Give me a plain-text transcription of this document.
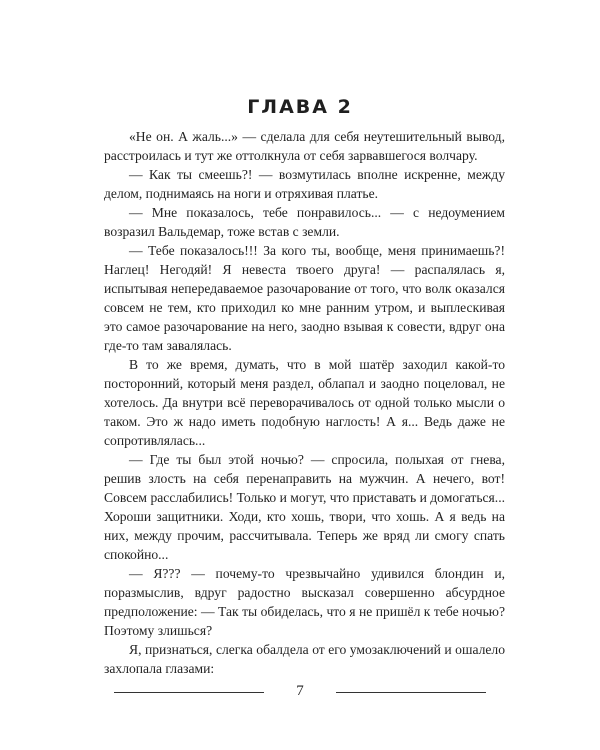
ГЛАВА 2

«Не он. А жаль...» — сделала для себя неутешительный вывод, расстроилась и тут же оттолкнула от себя зарвавшегося волчару.

— Как ты смеешь?! — возмутилась вполне искренне, между делом, поднимаясь на ноги и отряхивая платье.

— Мне показалось, тебе понравилось... — с недоумением возразил Вальдемар, тоже встав с земли.

— Тебе показалось!!! За кого ты, вообще, меня принимаешь?! Наглец! Негодяй! Я невеста твоего друга! — распалялась я, испытывая непередаваемое разочарование от того, что волк оказался совсем не тем, кто приходил ко мне ранним утром, и выплескивая это самое разочарование на него, заодно взывая к совести, вдруг она где-то там завалялась.

В то же время, думать, что в мой шатёр заходил какой-то посторонний, который меня раздел, облапал и заодно поцеловал, не хотелось. Да внутри всё переворачивалось от одной только мысли о таком. Это ж надо иметь подобную наглость! А я... Ведь даже не сопротивлялась...

— Где ты был этой ночью? — спросила, полыхая от гнева, решив злость на себя перенаправить на мужчин. А нечего, вот! Совсем расслабились! Только и могут, что приставать и домогаться... Хороши защитники. Ходи, кто хошь, твори, что хошь. А я ведь на них, между прочим, рассчитывала. Теперь же вряд ли смогу спать спокойно...

— Я??? — почему-то чрезвычайно удивился блондин и, поразмыслив, вдруг радостно высказал совершенно абсурдное предположение: — Так ты обиделась, что я не пришёл к тебе ночью? Поэтому злишься?

Я, признаться, слегка обалдела от его умозаключений и ошалело захлопала глазами:

7
